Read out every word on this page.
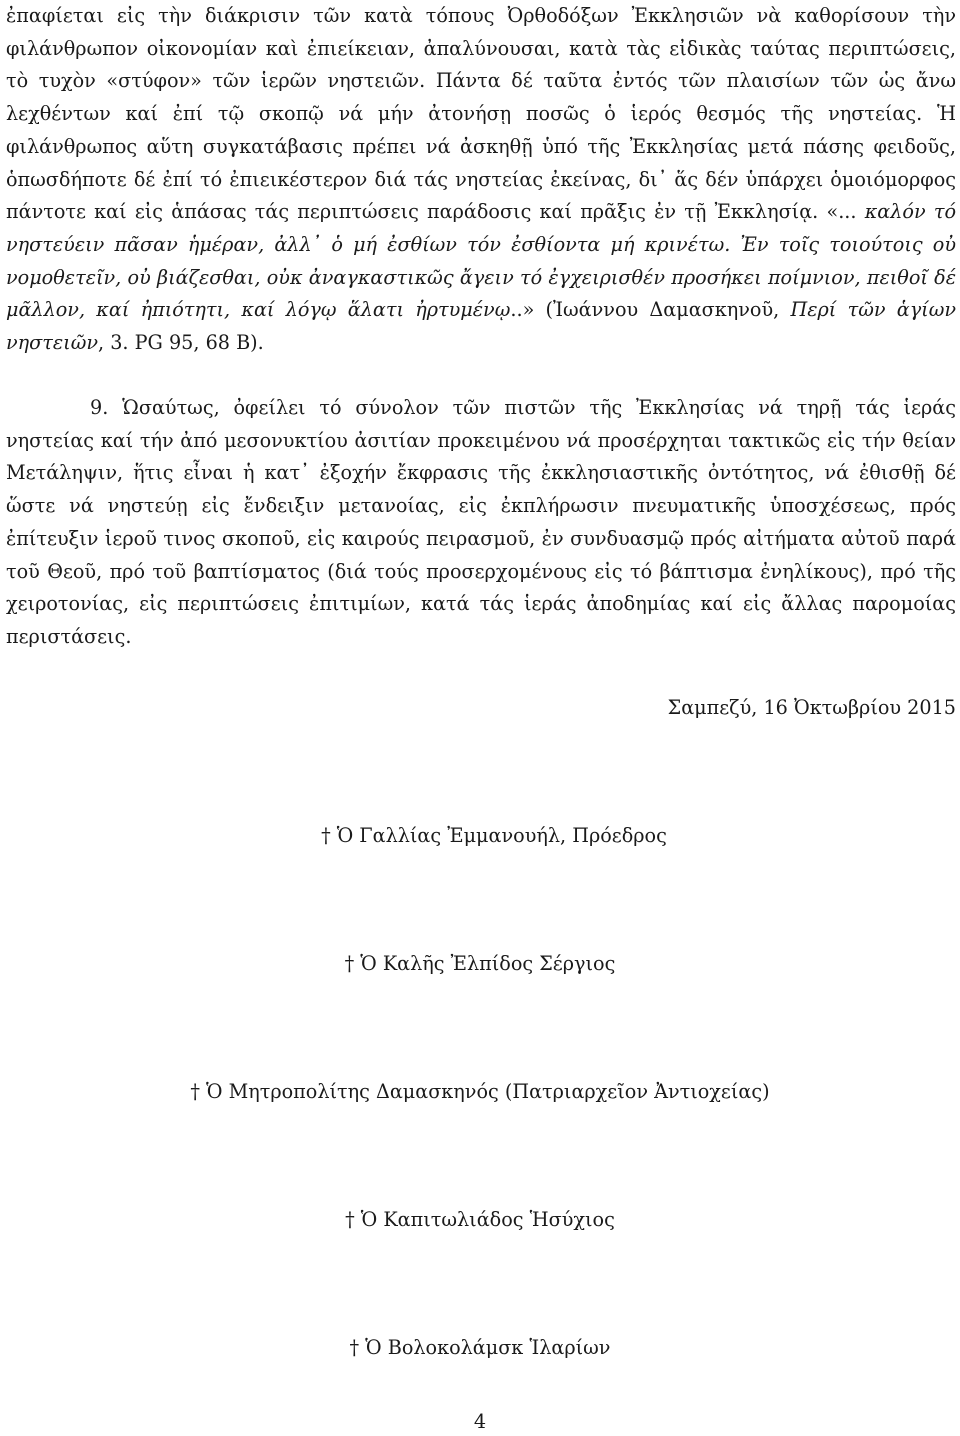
ἐπαφίεται εἰς τὴν διάκρισιν τῶν κατὰ τόπους Ὀρθοδόξων Ἐκκλησιῶν νὰ καθορίσουν τὴν φιλάνθρωπον οἰκονομίαν καὶ ἐπιείκειαν, ἀπαλύνουσαι, κατὰ τὰς εἰδικὰς ταύτας περιπτώσεις, τὸ τυχὸν «στύφον» τῶν ἱερῶν νηστειῶν. Πάντα δέ ταῦτα ἐντός τῶν πλαισίων τῶν ὡς ἄνω λεχθέντων καί ἐπί τῷ σκοπῷ νά μήν ἀτονήσῃ ποσῶς ὁ ἱερός θεσμός τῆς νηστείας. Ἡ φιλάνθρωπος αὕτη συγκατάβασις πρέπει νά ἀσκηθῇ ὑπό τῆς Ἐκκλησίας μετά πάσης φειδοῦς, ὁπωσδήποτε δέ ἐπί τό ἐπιεικέστερον διά τάς νηστείας ἐκείνας, δι᾽ ἅς δέν ὑπάρχει ὁμοιόμορφος πάντοτε καί εἰς ἁπάσας τάς περιπτώσεις παράδοσις καί πρᾶξις ἐν τῇ Ἐκκλησίᾳ. «... καλόν τό νηστεύειν πᾶσαν ἡμέραν, ἀλλ᾽ ὁ μή ἐσθίων τόν ἐσθίοντα μή κρινέτω. Ἐν τοῖς τοιούτοις οὐ νομοθετεῖν, οὐ βιάζεσθαι, οὐκ ἀναγκαστικῶς ἄγειν τό ἐγχειρισθέν προσήκει ποίμνιον, πειθοῖ δέ μᾶλλον, καί ἠπιότητι, καί λόγῳ ἅλατι ἠρτυμένῳ..» (Ἰωάννου Δαμασκηνοῦ, Περί τῶν ἁγίων νηστειῶν, 3. PG 95, 68 B).

9. Ὡσαύτως, ὀφείλει τό σύνολον τῶν πιστῶν τῆς Ἐκκλησίας νά τηρῇ τάς ἱεράς νηστείας καί τήν ἀπό μεσονυκτίου ἀσιτίαν προκειμένου νά προσέρχηται τακτικῶς εἰς τήν θείαν Μετάληψιν, ἥτις εἶναι ἡ κατ᾽ ἐξοχήν ἔκφρασις τῆς ἐκκλησιαστικῆς ὀντότητος, νά ἐθισθῇ δέ ὥστε νά νηστεύῃ εἰς ἔνδειξιν μετανοίας, εἰς ἐκπλήρωσιν πνευματικῆς ὑποσχέσεως, πρός ἐπίτευξιν ἱεροῦ τινος σκοποῦ, εἰς καιρούς πειρασμοῦ, ἐν συνδυασμῷ πρός αἰτήματα αὐτοῦ παρά τοῦ Θεοῦ, πρό τοῦ βαπτίσματος (διά τούς προσερχομένους εἰς τό βάπτισμα ἐνηλίκους), πρό τῆς χειροτονίας, εἰς περιπτώσεις ἐπιτιμίων, κατά τάς ἱεράς ἀποδημίας καί εἰς ἄλλας παρομοίας περιστάσεις.

Σαμπεζύ, 16 Ὀκτωβρίου 2015
† Ὁ Γαλλίας Ἐμμανουήλ, Πρόεδρος
† Ὁ Καλῆς Ἐλπίδος Σέργιος
† Ὁ Μητροπολίτης Δαμασκηνός (Πατριαρχεῖον Ἀντιοχείας)
† Ὁ Καπιτωλιάδος Ἡσύχιος
† Ὁ Βολοκολάμσκ Ἱλαρίων
4
